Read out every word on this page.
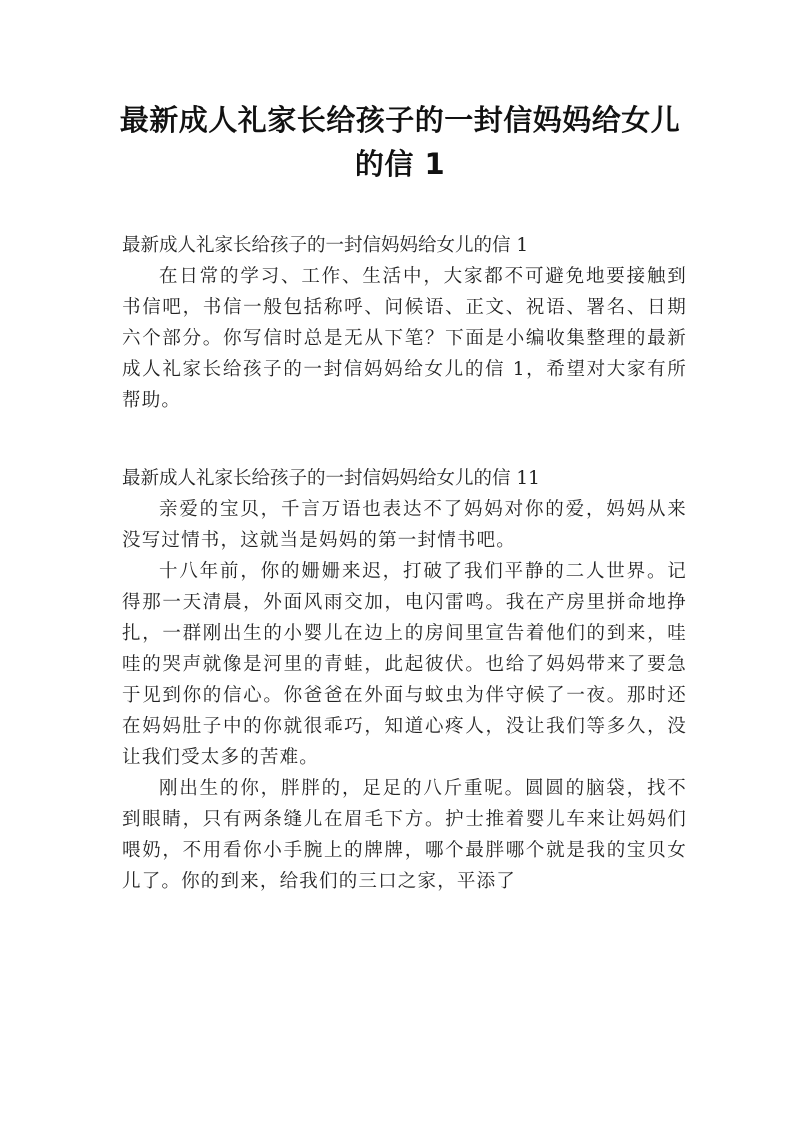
最新成人礼家长给孩子的一封信妈妈给女儿的信 1

最新成人礼家长给孩子的一封信妈妈给女儿的信 1

在日常的学习、工作、生活中，大家都不可避免地要接触到书信吧，书信一般包括称呼、问候语、正文、祝语、署名、日期六个部分。你写信时总是无从下笔？下面是小编收集整理的最新成人礼家长给孩子的一封信妈妈给女儿的信 1，希望对大家有所帮助。

最新成人礼家长给孩子的一封信妈妈给女儿的信 11

亲爱的宝贝，千言万语也表达不了妈妈对你的爱，妈妈从来没写过情书，这就当是妈妈的第一封情书吧。

十八年前，你的姗姗来迟，打破了我们平静的二人世界。记得那一天清晨，外面风雨交加，电闪雷鸣。我在产房里拼命地挣扎，一群刚出生的小婴儿在边上的房间里宣告着他们的到来，哇哇的哭声就像是河里的青蛙，此起彼伏。也给了妈妈带来了要急于见到你的信心。你爸爸在外面与蚊虫为伴守候了一夜。那时还在妈妈肚子中的你就很乖巧，知道心疼人，没让我们等多久，没让我们受太多的苦难。

刚出生的你，胖胖的，足足的八斤重呢。圆圆的脑袋，找不到眼睛，只有两条缝儿在眉毛下方。护士推着婴儿车来让妈妈们喂奶，不用看你小手腕上的牌牌，哪个最胖哪个就是我的宝贝女儿了。你的到来，给我们的三口之家，平添了
